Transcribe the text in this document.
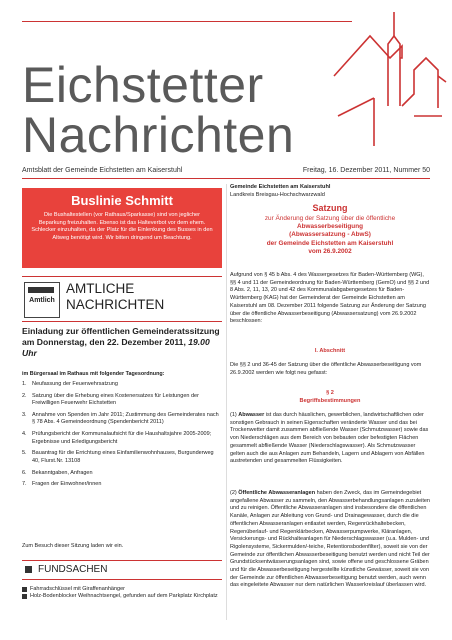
Eichstetter
Nachrichten
Amtsblatt der Gemeinde Eichstetten am Kaiserstuhl	Freitag, 16. Dezember 2011, Nummer 50
Buslinie Schmitt
Die Bushaltestellen (vor Rathaus/Sparkasse) sind von jeglicher Beparkung freizuhalten. Ebenso ist das Halteverbot vor dem ehem. Schlecker einzuhalten, da der Platz für die Einlenkung des Busses in den Altweg benötigt wird. Wir bitten dringend um Beachtung.
Amtlich
AMTLICHE
NACHRICHTEN
Einladung zur öffentlichen Gemeinderatssitzung am Donnerstag, den 22. Dezember 2011, 19.00 Uhr
im Bürgersaal im Rathaus mit folgender Tagesordnung:
1. Neufassung der Feuerwehrsatzung
2. Satzung über die Erhebung eines Kostenersatzes für Leistungen der Freiwilligen Feuerwehr Eichstetten
3. Annahme von Spenden im Jahr 2011; Zustimmung des Gemeinderates nach § 78 Abs. 4 Gemeindeordnung (Spendenbericht 2011)
4. Prüfungsbericht der Kommunalaufsicht für die Haushaltsjahre 2005-2009; Ergebnisse und Erledigungsbericht
5. Bauantrag für die Errichtung eines Einfamilienwohnhauses, Burgunderweg 40, Flurst.Nr. 13108
6. Bekanntgaben, Anfragen
7. Fragen der Einwohner/innen
Zum Besuch dieser Sitzung laden wir ein.
FUNDSACHEN
Fahrradschlüssel mit Giraffenanhänger
Holz-Bodenblocker Weihnachtsengel, gefunden auf dem Parkplatz Kirchplatz
Gemeinde Eichstetten am Kaiserstuhl
Landkreis Breisgau-Hochschwarzwald
Satzung
zur Änderung der Satzung über die öffentliche
Abwasserbeseitigung
(Abwassersatzung - AbwS)
der Gemeinde Eichstetten am Kaiserstuhl
vom 26.9.2002
Aufgrund von § 45 b Abs. 4 des Wassergesetzes für Baden-Württemberg (WG), §§ 4 und 11 der Gemeindeordnung für Baden-Württemberg (GemO) und §§ 2 und 8 Abs. 2, 11, 13, 20 und 42 des Kommunalabgabengesetzes für Baden-Württemberg (KAG) hat der Gemeinderat der Gemeinde Eichstetten am Kaiserstuhl am 08. Dezember 2011 folgende Satzung zur Änderung der Satzung über die öffentliche Abwasserbeseitigung (Abwassersatzung) vom 26.9.2002 beschlossen:
I. Abschnitt
Die §§ 2 und 36-45 der Satzung über die öffentliche Abwasserbeseitigung vom 26.9.2002 werden wie folgt neu gefasst:
§ 2
Begriffsbestimmungen
(1) Abwasser ist das durch häuslichen, gewerblichen, landwirtschaftlichen oder sonstigen Gebrauch in seinen Eigenschaften veränderte Wasser und das bei Trockenwetter damit zusammen abfließende Wasser (Schmutzwasser) sowie das von Niederschlägen aus dem Bereich von bebauten oder befestigten Flächen gesammelt abfließende Wasser (Niederschlagswasser). Als Schmutzwasser gelten auch die aus Anlagen zum Behandeln, Lagern und Ablagern von Abfällen austretenden und gesammelten Flüssigkeiten.
(2) Öffentliche Abwasseranlagen haben den Zweck, das im Gemeindegebiet angefallene Abwasser zu sammeln, den Abwasserbehandlungsanlagen zuzuleiten und zu reinigen. Öffentliche Abwasseranlagen sind insbesondere die öffentlichen Kanäle, Anlagen zur Ableitung von Grund- und Drainagewasser, durch die die öffentlichen Abwasseranlagen entlastet werden, Regenrückhaltebecken, Regenüberlauf- und Regenklärbecken, Abwasserpumpwerke, Kläranlagen, Versickerungs- und Rückhalteanlagen für Niederschlagswasser (u.a. Mulden- und Rigolensysteme, Sickermulden/-teiche, Retentionsbodenfilter), soweit sie von der Gemeinde zur öffentlichen Abwasserbeseitigung benutzt werden und nicht Teil der Grundstücksentwässerungsanlagen sind, sowie offene und geschlossene Gräben und für die Abwasserbeseitigung hergestellte künstliche Gewässer, soweit sie von der Gemeinde zur öffentlichen Abwasserbeseitigung benutzt werden, auch wenn das eingeleitete Abwasser nur dem natürlichen Wasserkreislauf überlassen wird.
